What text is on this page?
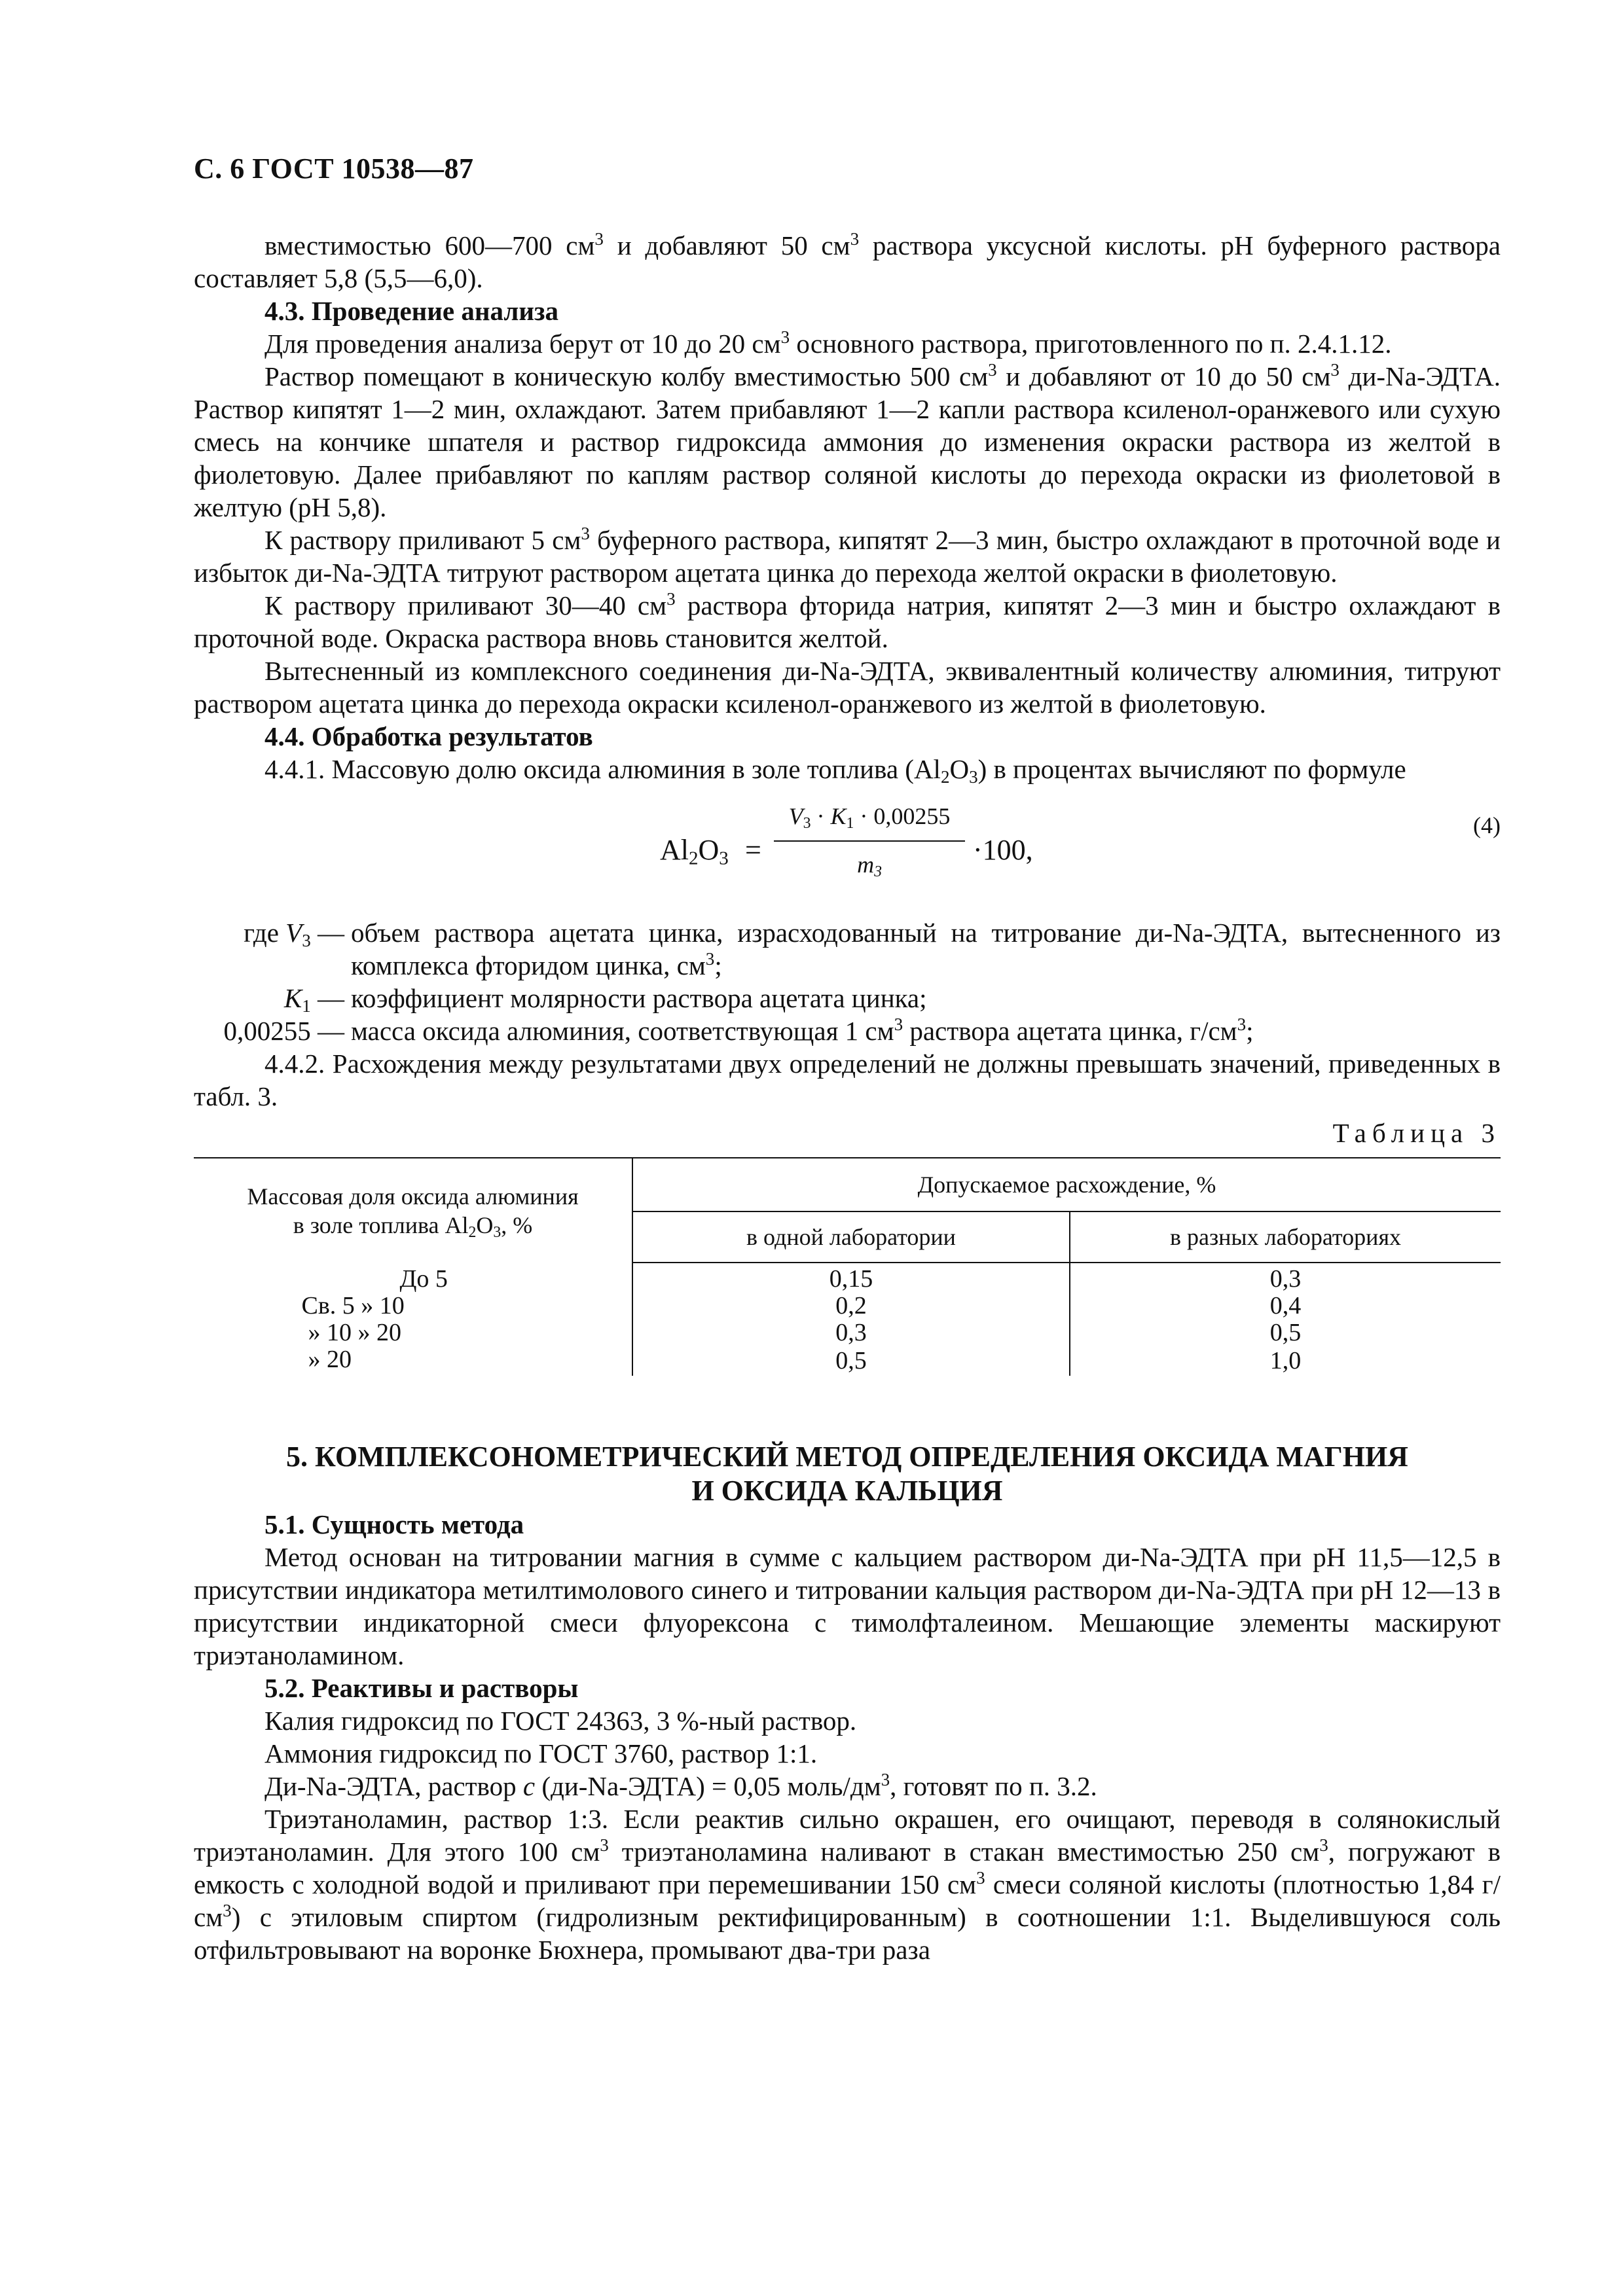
С. 6 ГОСТ 10538—87

вместимостью 600—700 $см^3$ и добавляют 50 $см^3$ раствора уксусной кислоты. рН буферного раствора составляет 5,8 (5,5—6,0).

4.3. Проведение анализа

Для проведения анализа берут от 10 до 20 $см^3$ основного раствора, приготовленного по п. 2.4.1.12.

Раствор помещают в коническую колбу вместимостью 500 $см^3$ и добавляют от 10 до 50 $см^3$ ди-Na-ЭДТА. Раствор кипятят 1—2 мин, охлаждают. Затем прибавляют 1—2 капли раствора ксиленол-оранжевого или сухую смесь на кончике шпателя и раствор гидроксида аммония до изменения окраски раствора из желтой в фиолетовую. Далее прибавляют по каплям раствор соляной кислоты до перехода окраски из фиолетовой в желтую (рН 5,8).

К раствору приливают 5 $см^3$ буферного раствора, кипятят 2—3 мин, быстро охлаждают в проточной воде и избыток ди-Na-ЭДТА титруют раствором ацетата цинка до перехода желтой окраски в фиолетовую.

К раствору приливают 30—40 $см^3$ раствора фторида натрия, кипятят 2—3 мин и быстро охлаждают в проточной воде. Окраска раствора вновь становится желтой.

Вытесненный из комплексного соединения ди-Na-ЭДТА, эквивалентный количеству алюминия, титруют раствором ацетата цинка до перехода окраски ксиленол-оранжевого из желтой в фиолетовую.

4.4. Обработка результатов

4.4.1. Массовую долю оксида алюминия в золе топлива $(Al_2O_3)$ в процентах вычисляют по формуле

$Al_2O_3$ =
$V_3 \cdot K_1 \cdot 0,00255$
$m_3$
·100,
(4)
где $V_3$ — объем раствора ацетата цинка, израсходованный на титрование ди-Na-ЭДТА, вытесненного из комплекса фторидом цинка, $см^3$;
$K_1$ — коэффициент молярности раствора ацетата цинка;
0,00255 — масса оксида алюминия, соответствующая 1 $см^3$ раствора ацетата цинка, $г/см^3$;

4.4.2. Расхождения между результатами двух определений не должны превышать значений, приведенных в табл. 3.

Таблица 3
Массовая доля оксида алюминия
в золе топлива $Al_2O_3$, %	Допускаемое расхождение, %	
	в одной лаборатории	в разных лабораториях
До 5	0,15	0,3
Св. 5 » 10	0,2	0,4
» 10 » 20	0,3	0,5
» 20	0,5	1,0
5. КОМПЛЕКСОНОМЕТРИЧЕСКИЙ МЕТОД ОПРЕДЕЛЕНИЯ ОКСИДА МАГНИЯ
И ОКСИДА КАЛЬЦИЯ

5.1. Сущность метода

Метод основан на титровании магния в сумме с кальцием раствором ди-Na-ЭДТА при рН 11,5—12,5 в присутствии индикатора метилтимолового синего и титровании кальция раствором ди-Na-ЭДТА при рН 12—13 в присутствии индикаторной смеси флуорексона с тимолфталеином. Мешающие элементы маскируют триэтаноламином.

5.2. Реактивы и растворы

Калия гидроксид по ГОСТ 24363, 3 %-ный раствор.

Аммония гидроксид по ГОСТ 3760, раствор 1:1.

Ди-Na-ЭДТА, раствор c (ди-Na-ЭДТА) = 0,05 моль/$дм^3$, готовят по п. 3.2.

Триэтаноламин, раствор 1:3. Если реактив сильно окрашен, его очищают, переводя в солянокислый триэтаноламин. Для этого 100 $см^3$ триэтаноламина наливают в стакан вместимостью 250 $см^3$, погружают в емкость с холодной водой и приливают при перемешивании 150 $см^3$ смеси соляной кислоты (плотностью 1,84 $г/см^3$) с этиловым спиртом (гидролизным ректифицированным) в соотношении 1:1. Выделившуюся соль отфильтровывают на воронке Бюхнера, промывают два-три раза
